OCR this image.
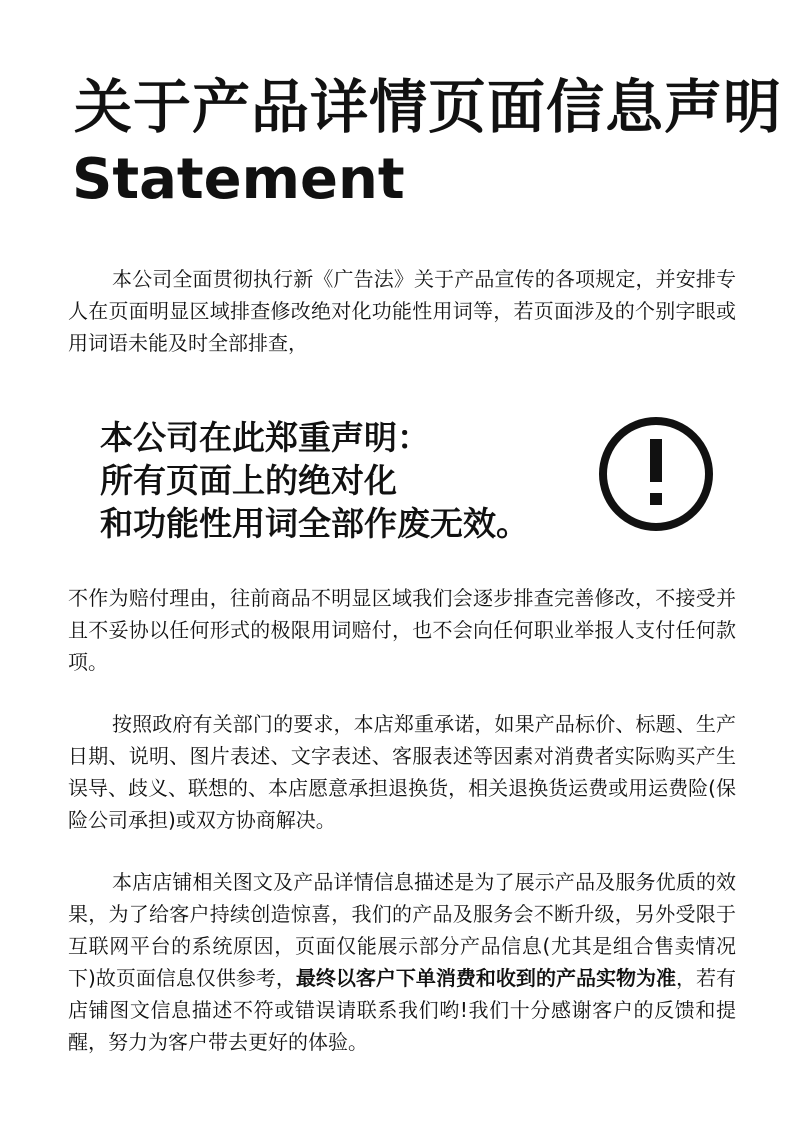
关于产品详情页面信息声明
Statement

本公司全面贯彻执行新《广告法》关于产品宣传的各项规定，并安排专人在页面明显区域排查修改绝对化功能性用词等，若页面涉及的个别字眼或用词语未能及时全部排查，

本公司在此郑重声明：
所有页面上的绝对化
和功能性用词全部作废无效。

不作为赔付理由，往前商品不明显区域我们会逐步排查完善修改，不接受并且不妥协以任何形式的极限用词赔付，也不会向任何职业举报人支付任何款项。

按照政府有关部门的要求，本店郑重承诺，如果产品标价、标题、生产日期、说明、图片表述、文字表述、客服表述等因素对消费者实际购买产生误导、歧义、联想的、本店愿意承担退换货，相关退换货运费或用运费险(保险公司承担)或双方协商解决。

本店店铺相关图文及产品详情信息描述是为了展示产品及服务优质的效果，为了给客户持续创造惊喜，我们的产品及服务会不断升级，另外受限于互联网平台的系统原因，页面仅能展示部分产品信息(尤其是组合售卖情况下)故页面信息仅供参考，最终以客户下单消费和收到的产品实物为准，若有店铺图文信息描述不符或错误请联系我们哟!我们十分感谢客户的反馈和提醒，努力为客户带去更好的体验。
